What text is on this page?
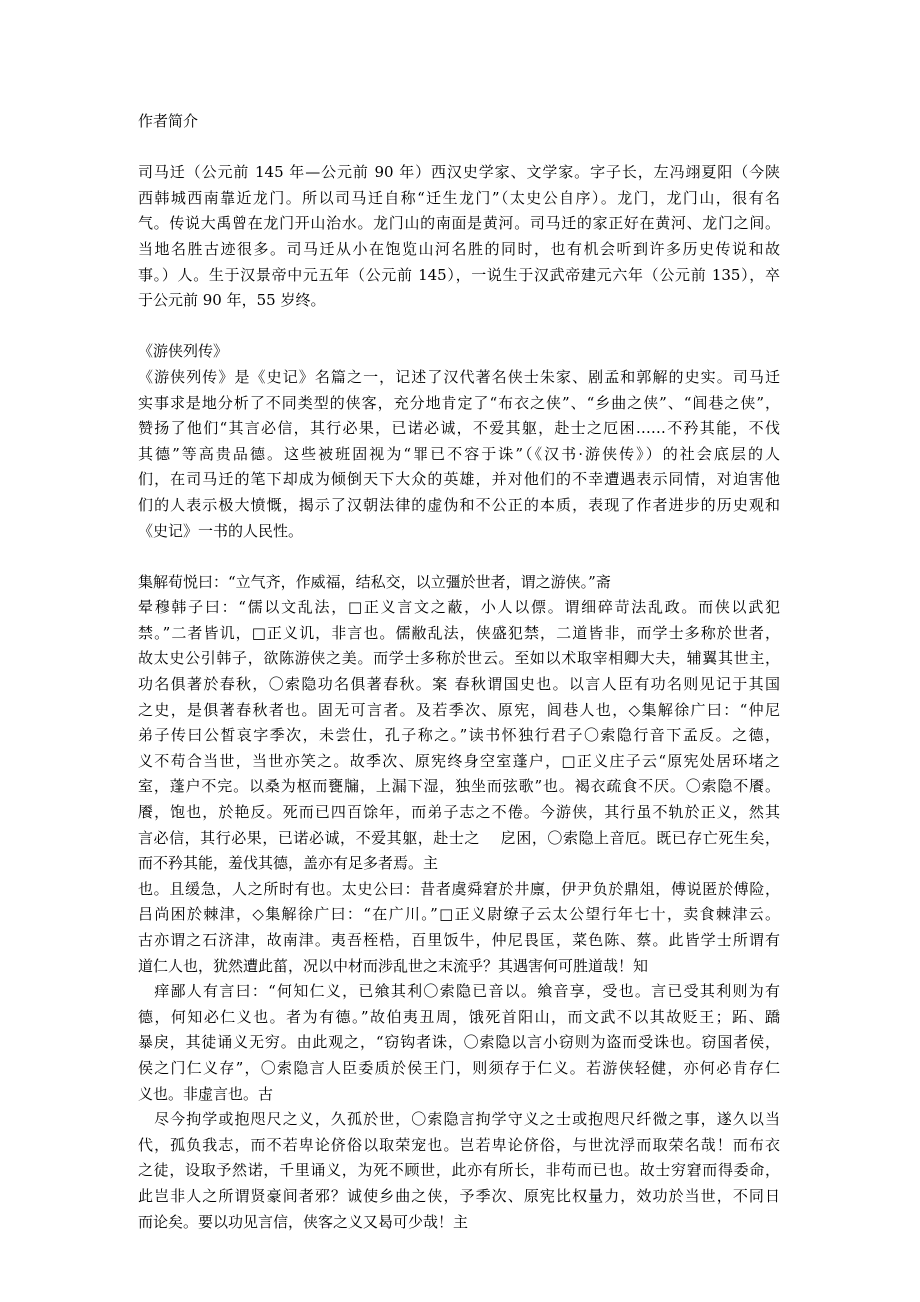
作者简介
司马迁（公元前 145 年—公元前 90 年）西汉史学家、文学家。字子长，左冯翊夏阳（今陕
西韩城西南靠近龙门。所以司马迁自称“迁生龙门”（太史公自序）。龙门，龙门山，很有名
气。传说大禹曾在龙门开山治水。龙门山的南面是黄河。司马迁的家正好在黄河、龙门之间。
当地名胜古迹很多。司马迁从小在饱览山河名胜的同时，也有机会听到许多历史传说和故
事。）人。生于汉景帝中元五年（公元前 145），一说生于汉武帝建元六年（公元前 135），卒
于公元前 90 年，55 岁终。
《游侠列传》
《游侠列传》是《史记》名篇之一，记述了汉代著名侠士朱家、剧孟和郭解的史实。司马迁
实事求是地分析了不同类型的侠客，充分地肯定了“布衣之侠”、“乡曲之侠”、“闾巷之侠”，
赞扬了他们“其言必信，其行必果，已诺必诚，不爱其躯，赴士之厄困……不矜其能，不伐
其德”等高贵品德。这些被班固视为“罪已不容于诛”（《汉书·游侠传》）的社会底层的人
们，在司马迁的笔下却成为倾倒天下大众的英雄，并对他们的不幸遭遇表示同情，对迫害他
们的人表示极大愤慨，揭示了汉朝法律的虚伪和不公正的本质，表现了作者进步的历史观和
《史记》一书的人民性。
集解荀悦曰：“立气齐，作威福，结私交，以立彊於世者，谓之游侠。”斋
晕穆韩子曰：“儒以文乱法，□正义言文之蔽，小人以僄。谓细碎苛法乱政。而侠以武犯
禁。”二者皆讥，□正义讥，非言也。儒敝乱法，侠盛犯禁，二道皆非，而学士多称於世者，
故太史公引韩子，欲陈游侠之美。而学士多称於世云。至如以术取宰相卿大夫，辅翼其世主，
功名俱著於春秋，〇索隐功名俱著春秋。案 春秋谓国史也。以言人臣有功名则见记于其国
之史，是俱著春秋者也。固无可言者。及若季次、原宪，闾巷人也，◇集解徐广曰：“仲尼
弟子传曰公皙哀字季次，未尝仕，孔子称之。”读书怀独行君子〇索隐行音下孟反。之德，
义不苟合当世，当世亦笑之。故季次、原宪终身空室蓬户，□正义庄子云“原宪处居环堵之
室，蓬户不完。以桑为枢而甕牖，上漏下湿，独坐而弦歌”也。褐衣疏食不厌。〇索隐不餍。
餍，饱也，於艳反。死而已四百馀年，而弟子志之不倦。今游侠，其行虽不轨於正义，然其
言必信，其行必果，已诺必诚，不爱其躯，赴士之　 戹困，〇索隐上音厄。既已存亡死生矣，
而不矜其能，羞伐其德，盖亦有足多者焉。主
也。且缓急，人之所时有也。太史公曰：昔者虞舜窘於井廪，伊尹负於鼎俎，傅说匿於傅险，
吕尚困於棘津，◇集解徐广曰：“在广川。”□正义尉缭子云太公望行年七十，卖食棘津云。
古亦谓之石济津，故南津。夷吾桎梏，百里饭牛，仲尼畏匡，菜色陈、蔡。此皆学士所谓有
道仁人也，犹然遭此菑，况以中材而涉乱世之末流乎？其遇害何可胜道哉！知
　痒鄙人有言曰：“何知仁义，已飨其利〇索隐已音以。飨音享，受也。言已受其利则为有
德，何知必仁义也。者为有德。”故伯夷丑周，饿死首阳山，而文武不以其故贬王；跖、蹻
暴戾，其徒诵义无穷。由此观之，“窃钩者诛，〇索隐以言小窃则为盗而受诛也。窃国者侯，
侯之门仁义存”，〇索隐言人臣委质於侯王门，则须存于仁义。若游侠轻健，亦何必肯存仁
义也。非虚言也。古
　尽今拘学或抱咫尺之义，久孤於世，〇索隐言拘学守义之士或抱咫尺纤微之事，遂久以当
代，孤负我志，而不若卑论侪俗以取荣宠也。岂若卑论侪俗，与世沈浮而取荣名哉！而布衣
之徒，设取予然诺，千里诵义，为死不顾世，此亦有所长，非苟而已也。故士穷窘而得委命，
此岂非人之所谓贤豪间者邪？诚使乡曲之侠，予季次、原宪比权量力，效功於当世，不同日
而论矣。要以功见言信，侠客之义又曷可少哉！主
